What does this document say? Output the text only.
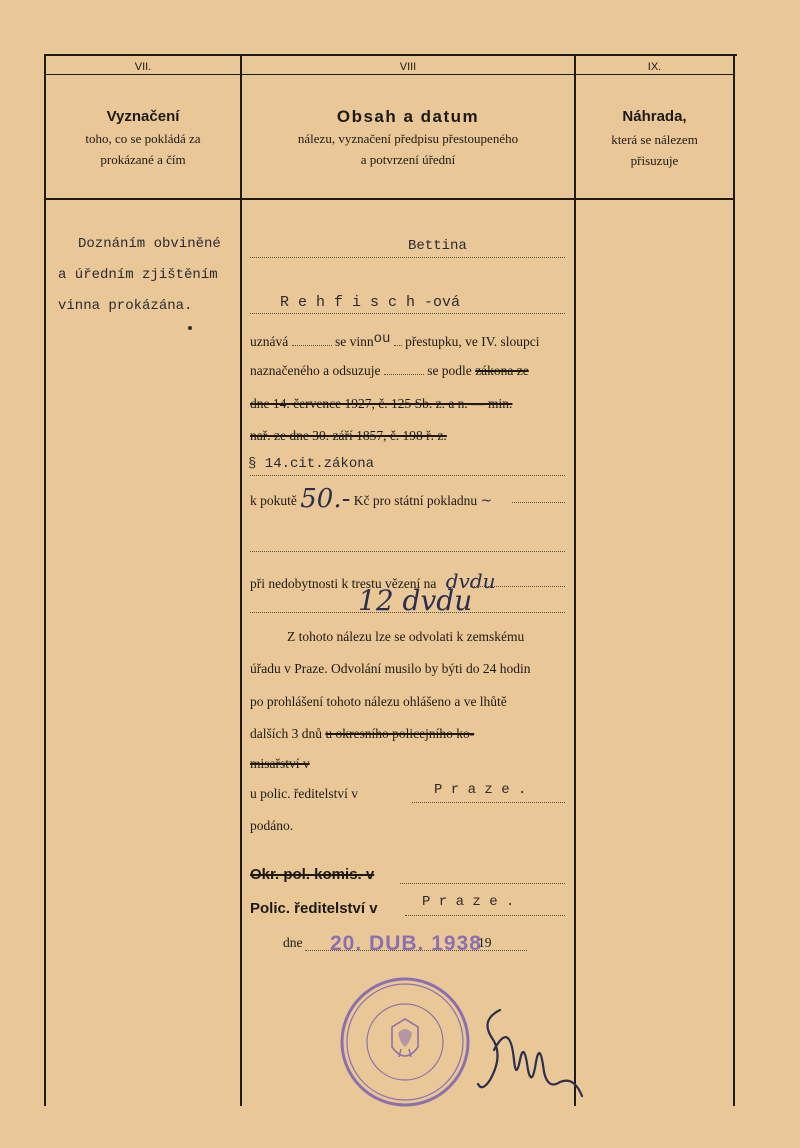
VII.	VIII	IX.
Vyznačení
toho, co se pokládá za
prokázané a čím
Obsah a datum
nálezu, vyznačení předpisu přestoupeného
a potvrzení úřední
Náhrada,
která se nálezem
přisuzuje
Doznáním obviněné
a úředním zjištěním
vinna prokázána.
Bettina
R e h f i s c h -ová
uznává	se vinnou přestupku, ve IV. sloupci
naznačeného a odsuzuje	se podle zákona ze
dne 14. července 1927, č. 125 Sb. z. a n. — min.
nař. ze dne 30. září 1857, č. 198 ř. z.
§ 14.cit.zákona
k pokutě 50.- Kč pro státní pokladnu ~
při nedobytnosti k trestu vězení na dvdu
12 dvdu
Z tohoto nálezu lze se odvolati k zemskému
úřadu v Praze. Odvolání musilo by býti do 24 hodin
po prohlášení tohoto nálezu ohlášeno a ve lhůtě
dalších 3 dnů u okresního policejního ko-
misařství v
u polic. ředitelství v	P r a z e .
podáno.
Okr. pol. komis. v
Polic. ředitelství v	P r a z e .
dne 20. DUB. 1938
19
